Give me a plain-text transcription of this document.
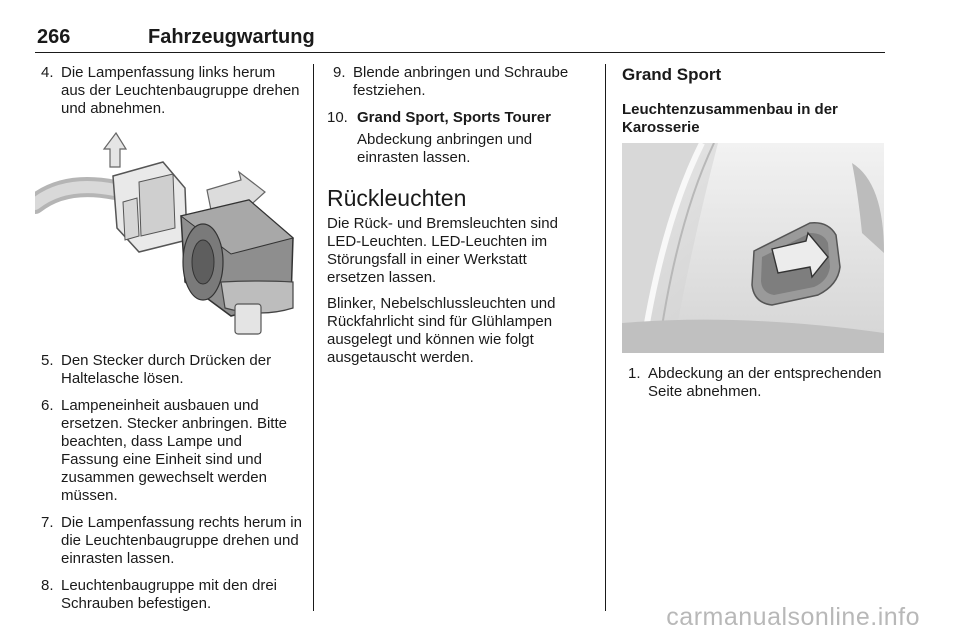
266	Fahrzeugwartung
4. Die Lampenfassung links herum aus der Leuchtenbaugruppe drehen und abnehmen.
5. Den Stecker durch Drücken der Haltelasche lösen.
6. Lampeneinheit ausbauen und ersetzen. Stecker anbringen. Bitte beachten, dass Lampe und Fassung eine Einheit sind und zusammen gewechselt werden müssen.
7. Die Lampenfassung rechts herum in die Leuchtenbaugruppe drehen und einrasten lassen.
8. Leuchtenbaugruppe mit den drei Schrauben befestigen.
9. Blende anbringen und Schraube festziehen.
10. Grand Sport, Sports Tourer
Abdeckung anbringen und einrasten lassen.
Rückleuchten

Die Rück- und Bremsleuchten sind LED-Leuchten. LED-Leuchten im Störungsfall in einer Werkstatt ersetzen lassen.

Blinker, Nebelschlussleuchten und Rückfahrlicht sind für Glühlampen ausgelegt und können wie folgt ausgetauscht werden.

Grand Sport
Leuchtenzusammenbau in der Karosserie
1. Abdeckung an der entsprechenden Seite abnehmen.
carmanualsonline.info
